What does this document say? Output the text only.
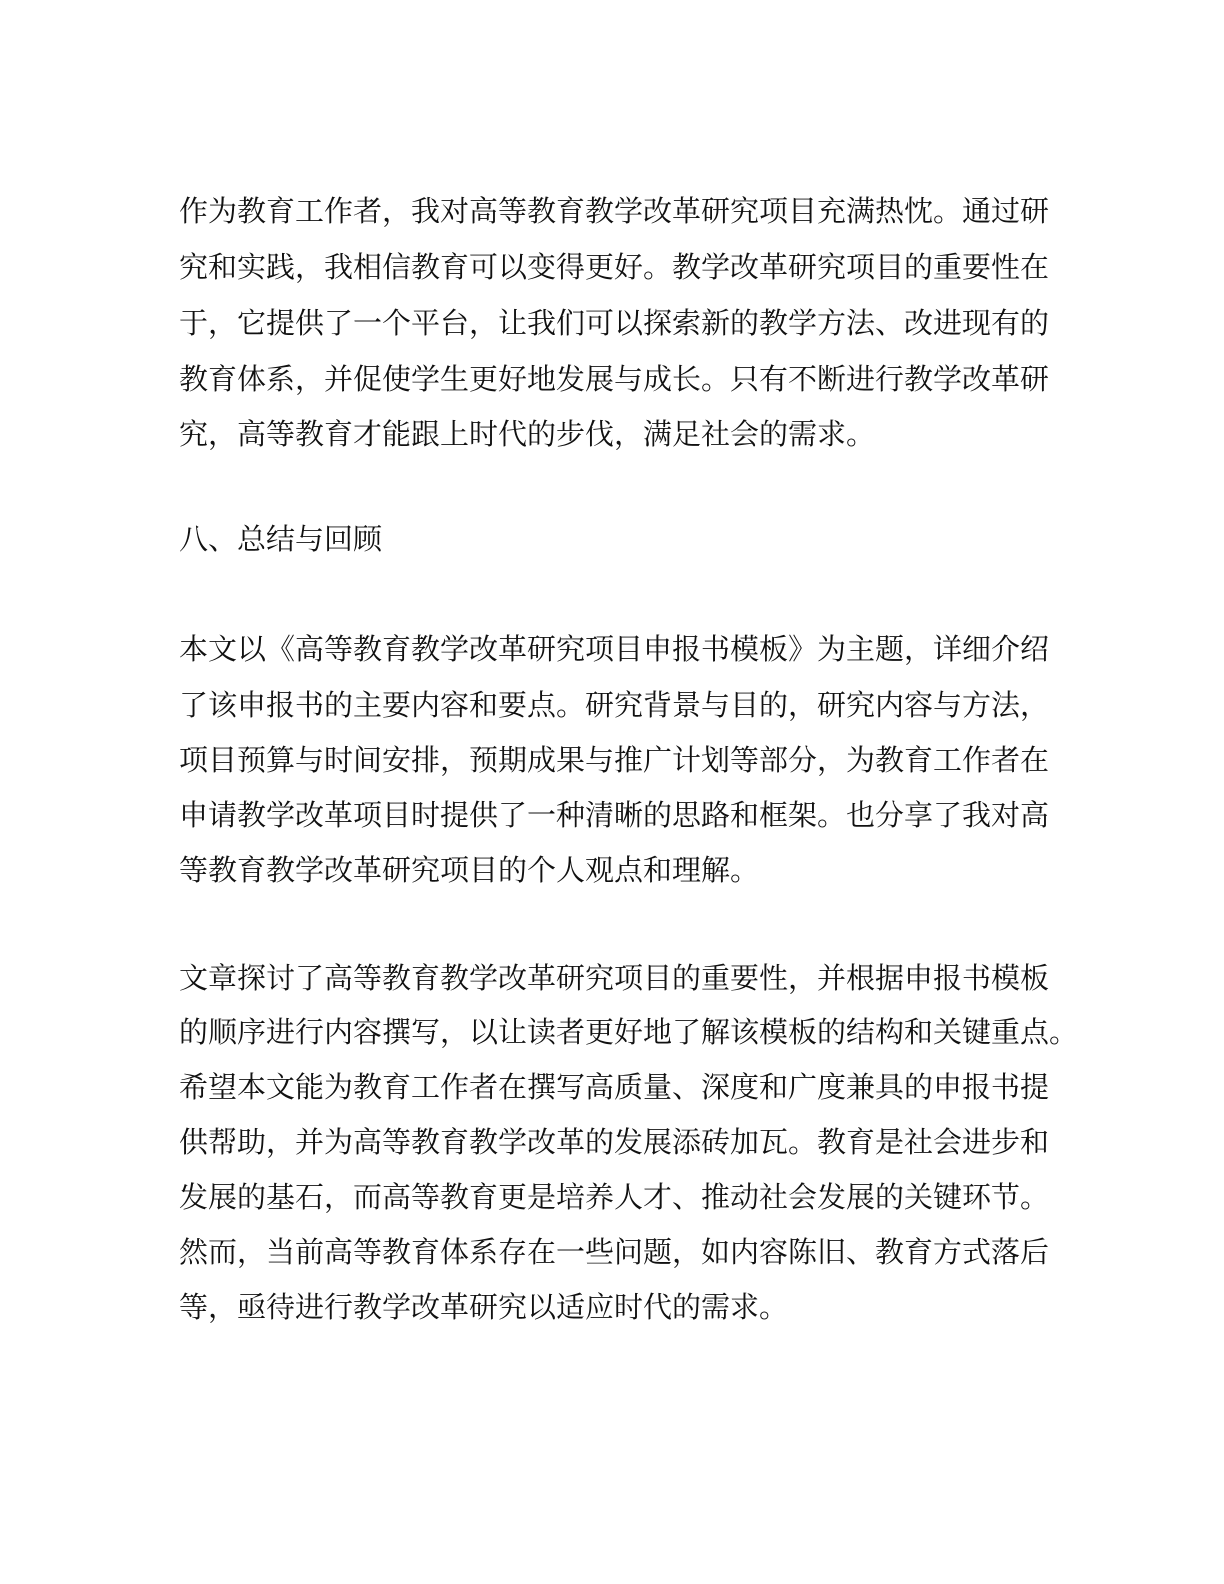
作为教育工作者，我对高等教育教学改革研究项目充满热忱。通过研
究和实践，我相信教育可以变得更好。教学改革研究项目的重要性在
于，它提供了一个平台，让我们可以探索新的教学方法、改进现有的
教育体系，并促使学生更好地发展与成长。只有不断进行教学改革研
究，高等教育才能跟上时代的步伐，满足社会的需求。
八、总结与回顾
本文以《高等教育教学改革研究项目申报书模板》为主题，详细介绍
了该申报书的主要内容和要点。研究背景与目的，研究内容与方法，
项目预算与时间安排，预期成果与推广计划等部分，为教育工作者在
申请教学改革项目时提供了一种清晰的思路和框架。也分享了我对高
等教育教学改革研究项目的个人观点和理解。
文章探讨了高等教育教学改革研究项目的重要性，并根据申报书模板
的顺序进行内容撰写，以让读者更好地了解该模板的结构和关键重点。
希望本文能为教育工作者在撰写高质量、深度和广度兼具的申报书提
供帮助，并为高等教育教学改革的发展添砖加瓦。教育是社会进步和
发展的基石，而高等教育更是培养人才、推动社会发展的关键环节。
然而，当前高等教育体系存在一些问题，如内容陈旧、教育方式落后
等，亟待进行教学改革研究以适应时代的需求。
